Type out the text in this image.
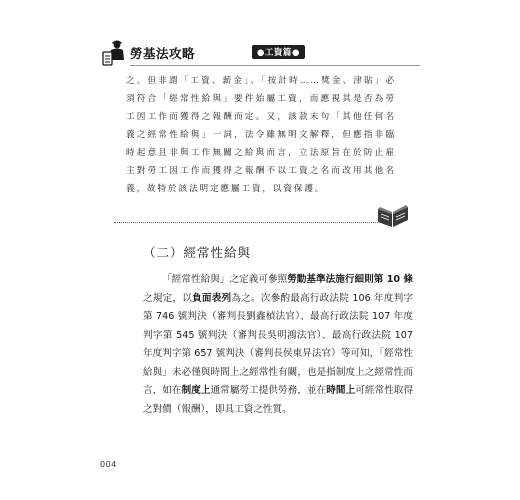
勞基法攻略	●工資篇●
之。但非謂「工資、薪金」、「按計時……獎金、津貼」必須符合「經常性給與」要件始屬工資，而應視其是否為勞工因工作而獲得之報酬而定。又，該款末句「其他任何名義之經常性給與」一詞，法令雖無明文解釋，但應指非臨時起意且非與工作無關之給與而言，立法原旨在於防止雇主對勞工因工作而獲得之報酬不以工資之名而改用其他名義，故特於該法明定應屬工資，以資保護。
（二）經常性給與

「經常性給與」之定義可參照勞動基準法施行細則第 10 條之規定，以負面表列為之。次參酌最高行政法院 106 年度判字第 746 號判決（審判長劉鑫楨法官）、最高行政法院 107 年度判字第 545 號判決（審判長吳明鴻法官）、最高行政法院 107 年度判字第 657 號判決（審判長侯東昇法官）等可知，「經常性給與」未必僅與時間上之經常性有關，也是指制度上之經常性而言，如在制度上通常屬勞工提供勞務，並在時間上可經常性取得之對價（報酬），即具工資之性質。

004
